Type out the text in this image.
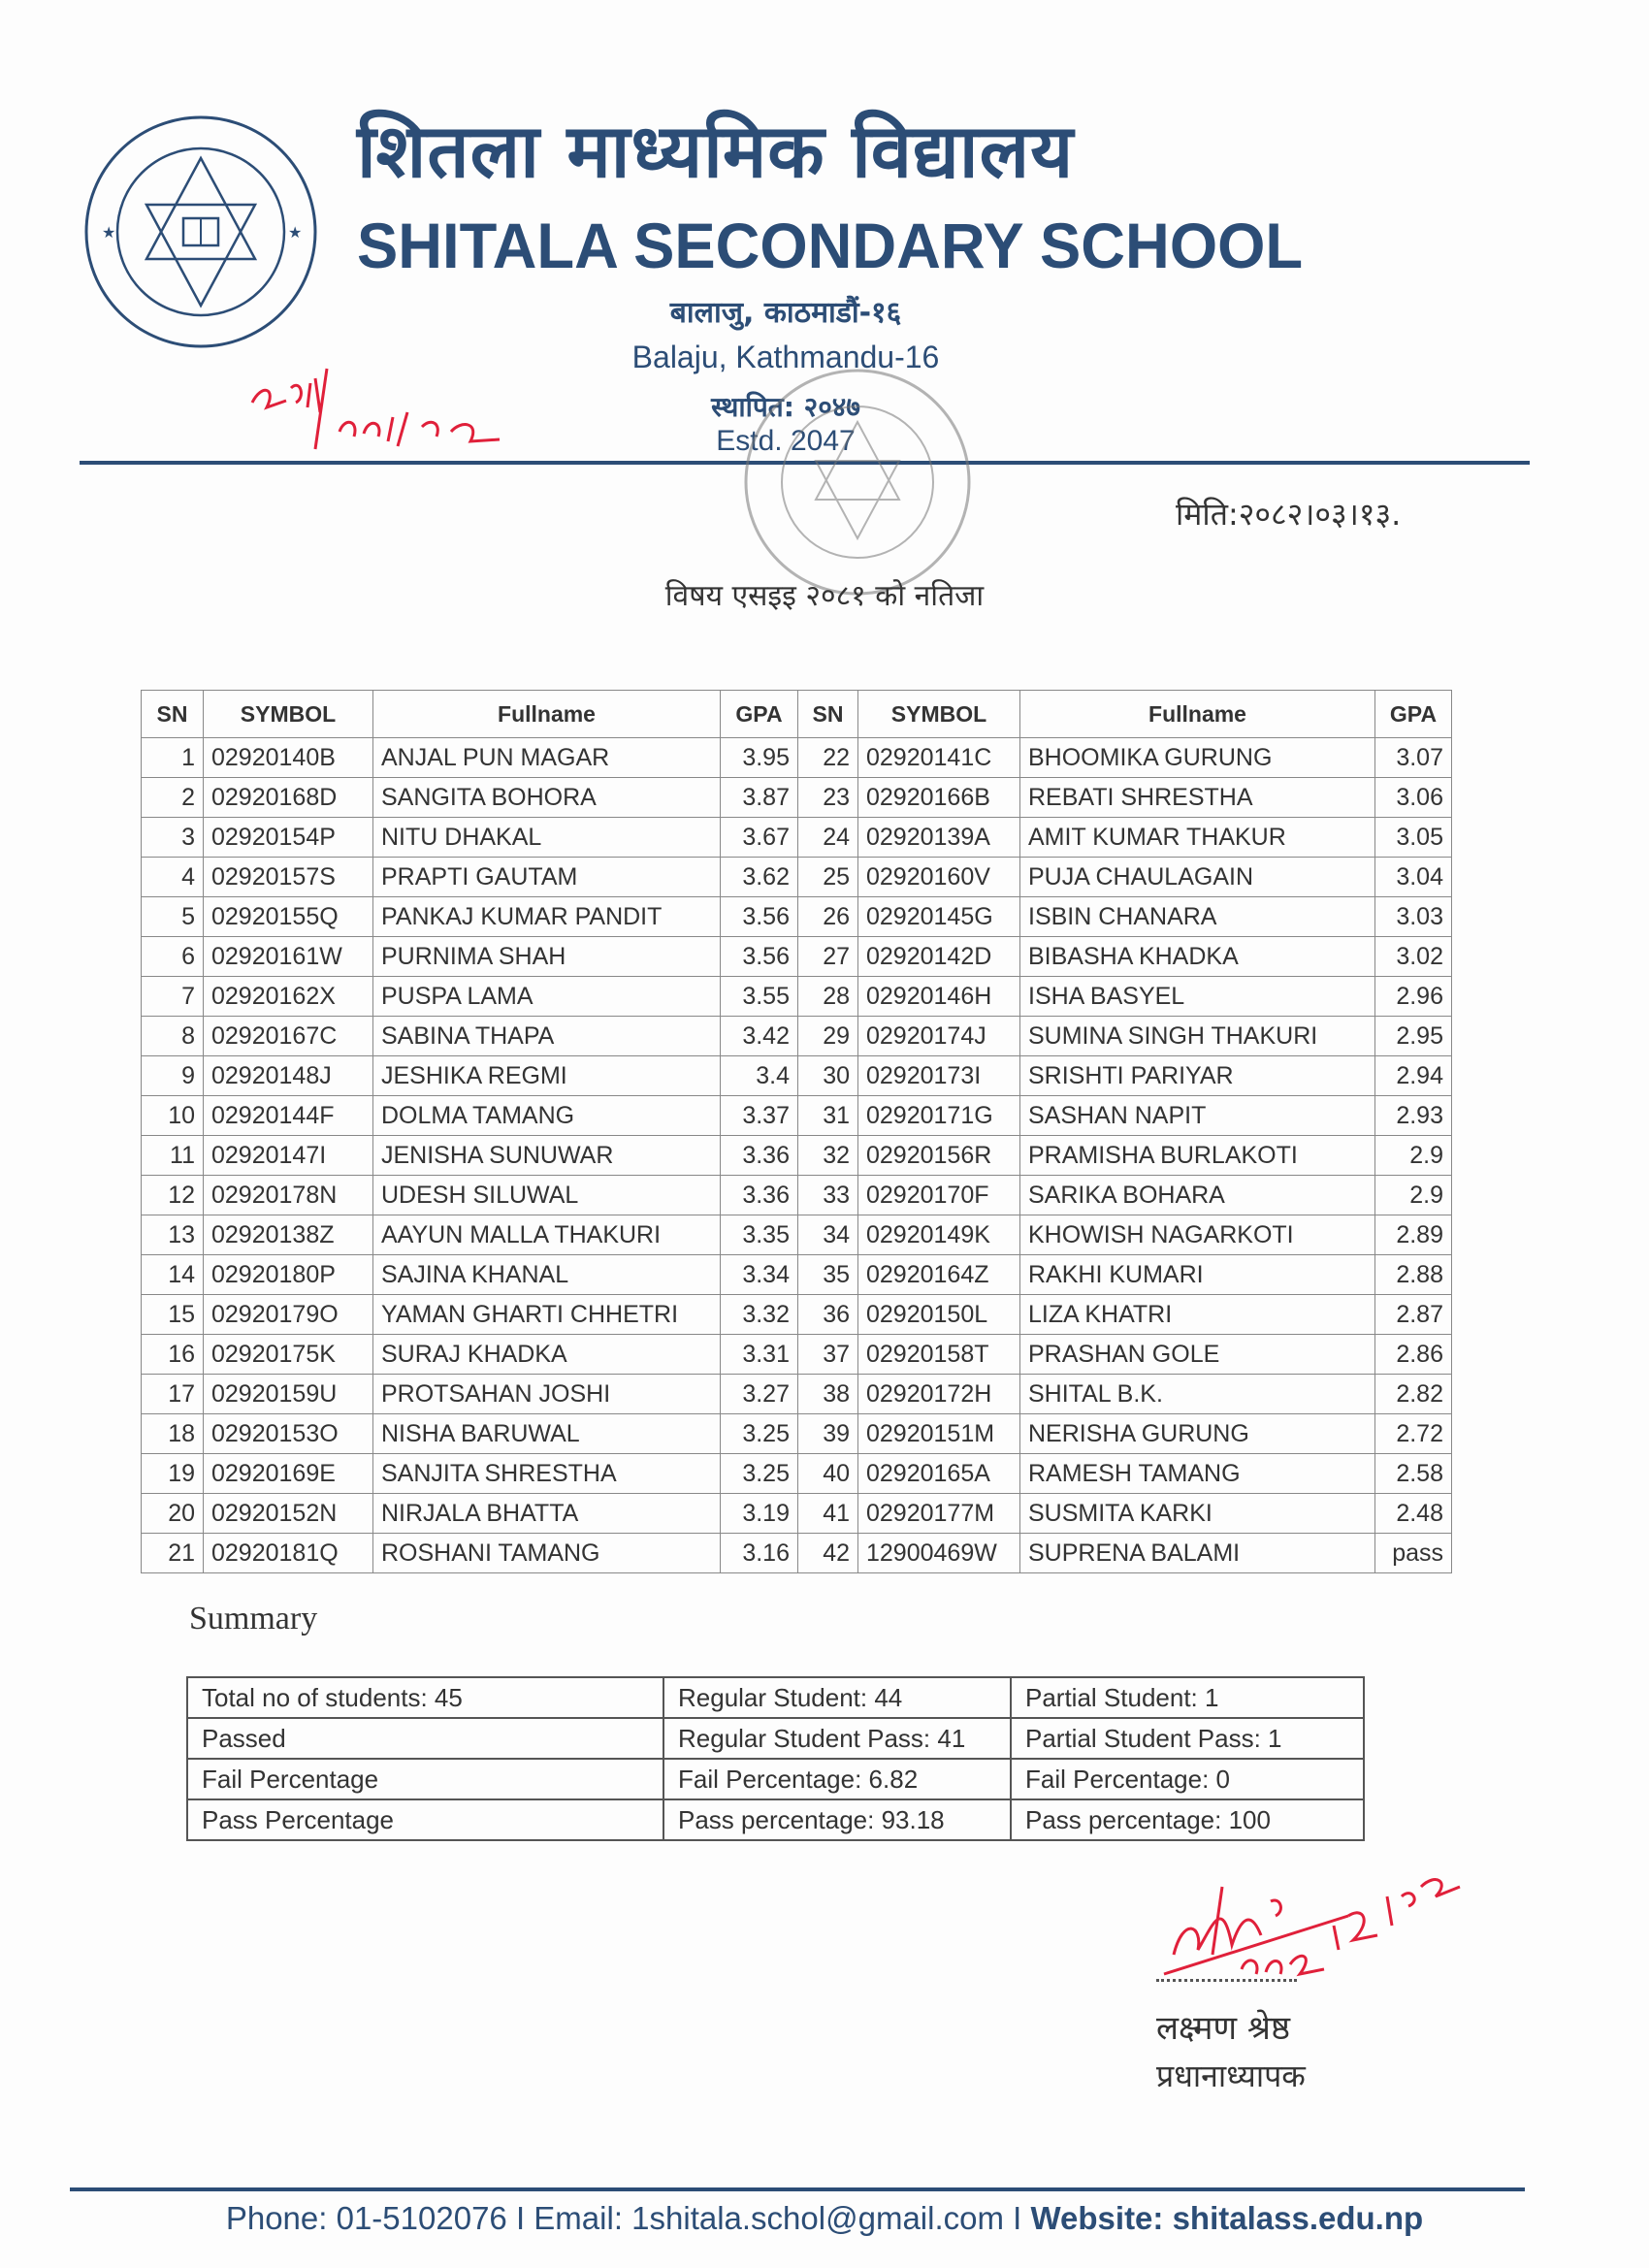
★	★
शितला माध्यमिक विद्यालय
SHITALA SECONDARY SCHOOL
बालाजु, काठमाडौं-१६
Balaju, Kathmandu-16
स्थापित: २०४७
Estd. 2047
मिति:२०८२।०३।१३.
विषय एसइइ २०८१ को नतिजा
SN	SYMBOL	Fullname	GPA	SN	SYMBOL	Fullname	GPA
1	02920140B	ANJAL PUN MAGAR	3.95	22	02920141C	BHOOMIKA GURUNG	3.07
2	02920168D	SANGITA BOHORA	3.87	23	02920166B	REBATI SHRESTHA	3.06
3	02920154P	NITU DHAKAL	3.67	24	02920139A	AMIT KUMAR THAKUR	3.05
4	02920157S	PRAPTI GAUTAM	3.62	25	02920160V	PUJA CHAULAGAIN	3.04
5	02920155Q	PANKAJ KUMAR PANDIT	3.56	26	02920145G	ISBIN CHANARA	3.03
6	02920161W	PURNIMA SHAH	3.56	27	02920142D	BIBASHA KHADKA	3.02
7	02920162X	PUSPA LAMA	3.55	28	02920146H	ISHA BASYEL	2.96
8	02920167C	SABINA THAPA	3.42	29	02920174J	SUMINA SINGH THAKURI	2.95
9	02920148J	JESHIKA REGMI	3.4	30	02920173I	SRISHTI PARIYAR	2.94
10	02920144F	DOLMA TAMANG	3.37	31	02920171G	SASHAN NAPIT	2.93
11	02920147I	JENISHA SUNUWAR	3.36	32	02920156R	PRAMISHA BURLAKOTI	2.9
12	02920178N	UDESH SILUWAL	3.36	33	02920170F	SARIKA BOHARA	2.9
13	02920138Z	AAYUN MALLA THAKURI	3.35	34	02920149K	KHOWISH NAGARKOTI	2.89
14	02920180P	SAJINA KHANAL	3.34	35	02920164Z	RAKHI KUMARI	2.88
15	02920179O	YAMAN GHARTI CHHETRI	3.32	36	02920150L	LIZA KHATRI	2.87
16	02920175K	SURAJ KHADKA	3.31	37	02920158T	PRASHAN GOLE	2.86
17	02920159U	PROTSAHAN JOSHI	3.27	38	02920172H	SHITAL B.K.	2.82
18	02920153O	NISHA BARUWAL	3.25	39	02920151M	NERISHA GURUNG	2.72
19	02920169E	SANJITA SHRESTHA	3.25	40	02920165A	RAMESH TAMANG	2.58
20	02920152N	NIRJALA BHATTA	3.19	41	02920177M	SUSMITA KARKI	2.48
21	02920181Q	ROSHANI TAMANG	3.16	42	12900469W	SUPRENA BALAMI	pass
Summary
Total no of students: 45	Regular Student: 44	Partial Student: 1
Passed	Regular Student Pass: 41	Partial Student Pass: 1
Fail Percentage	Fail Percentage: 6.82	Fail Percentage: 0
Pass Percentage	Pass percentage: 93.18	Pass percentage: 100
लक्ष्मण श्रेष्ठ
प्रधानाध्यापक
Phone: 01-5102076 I Email: 1shitala.schol@gmail.com I Website: shitalass.edu.np
